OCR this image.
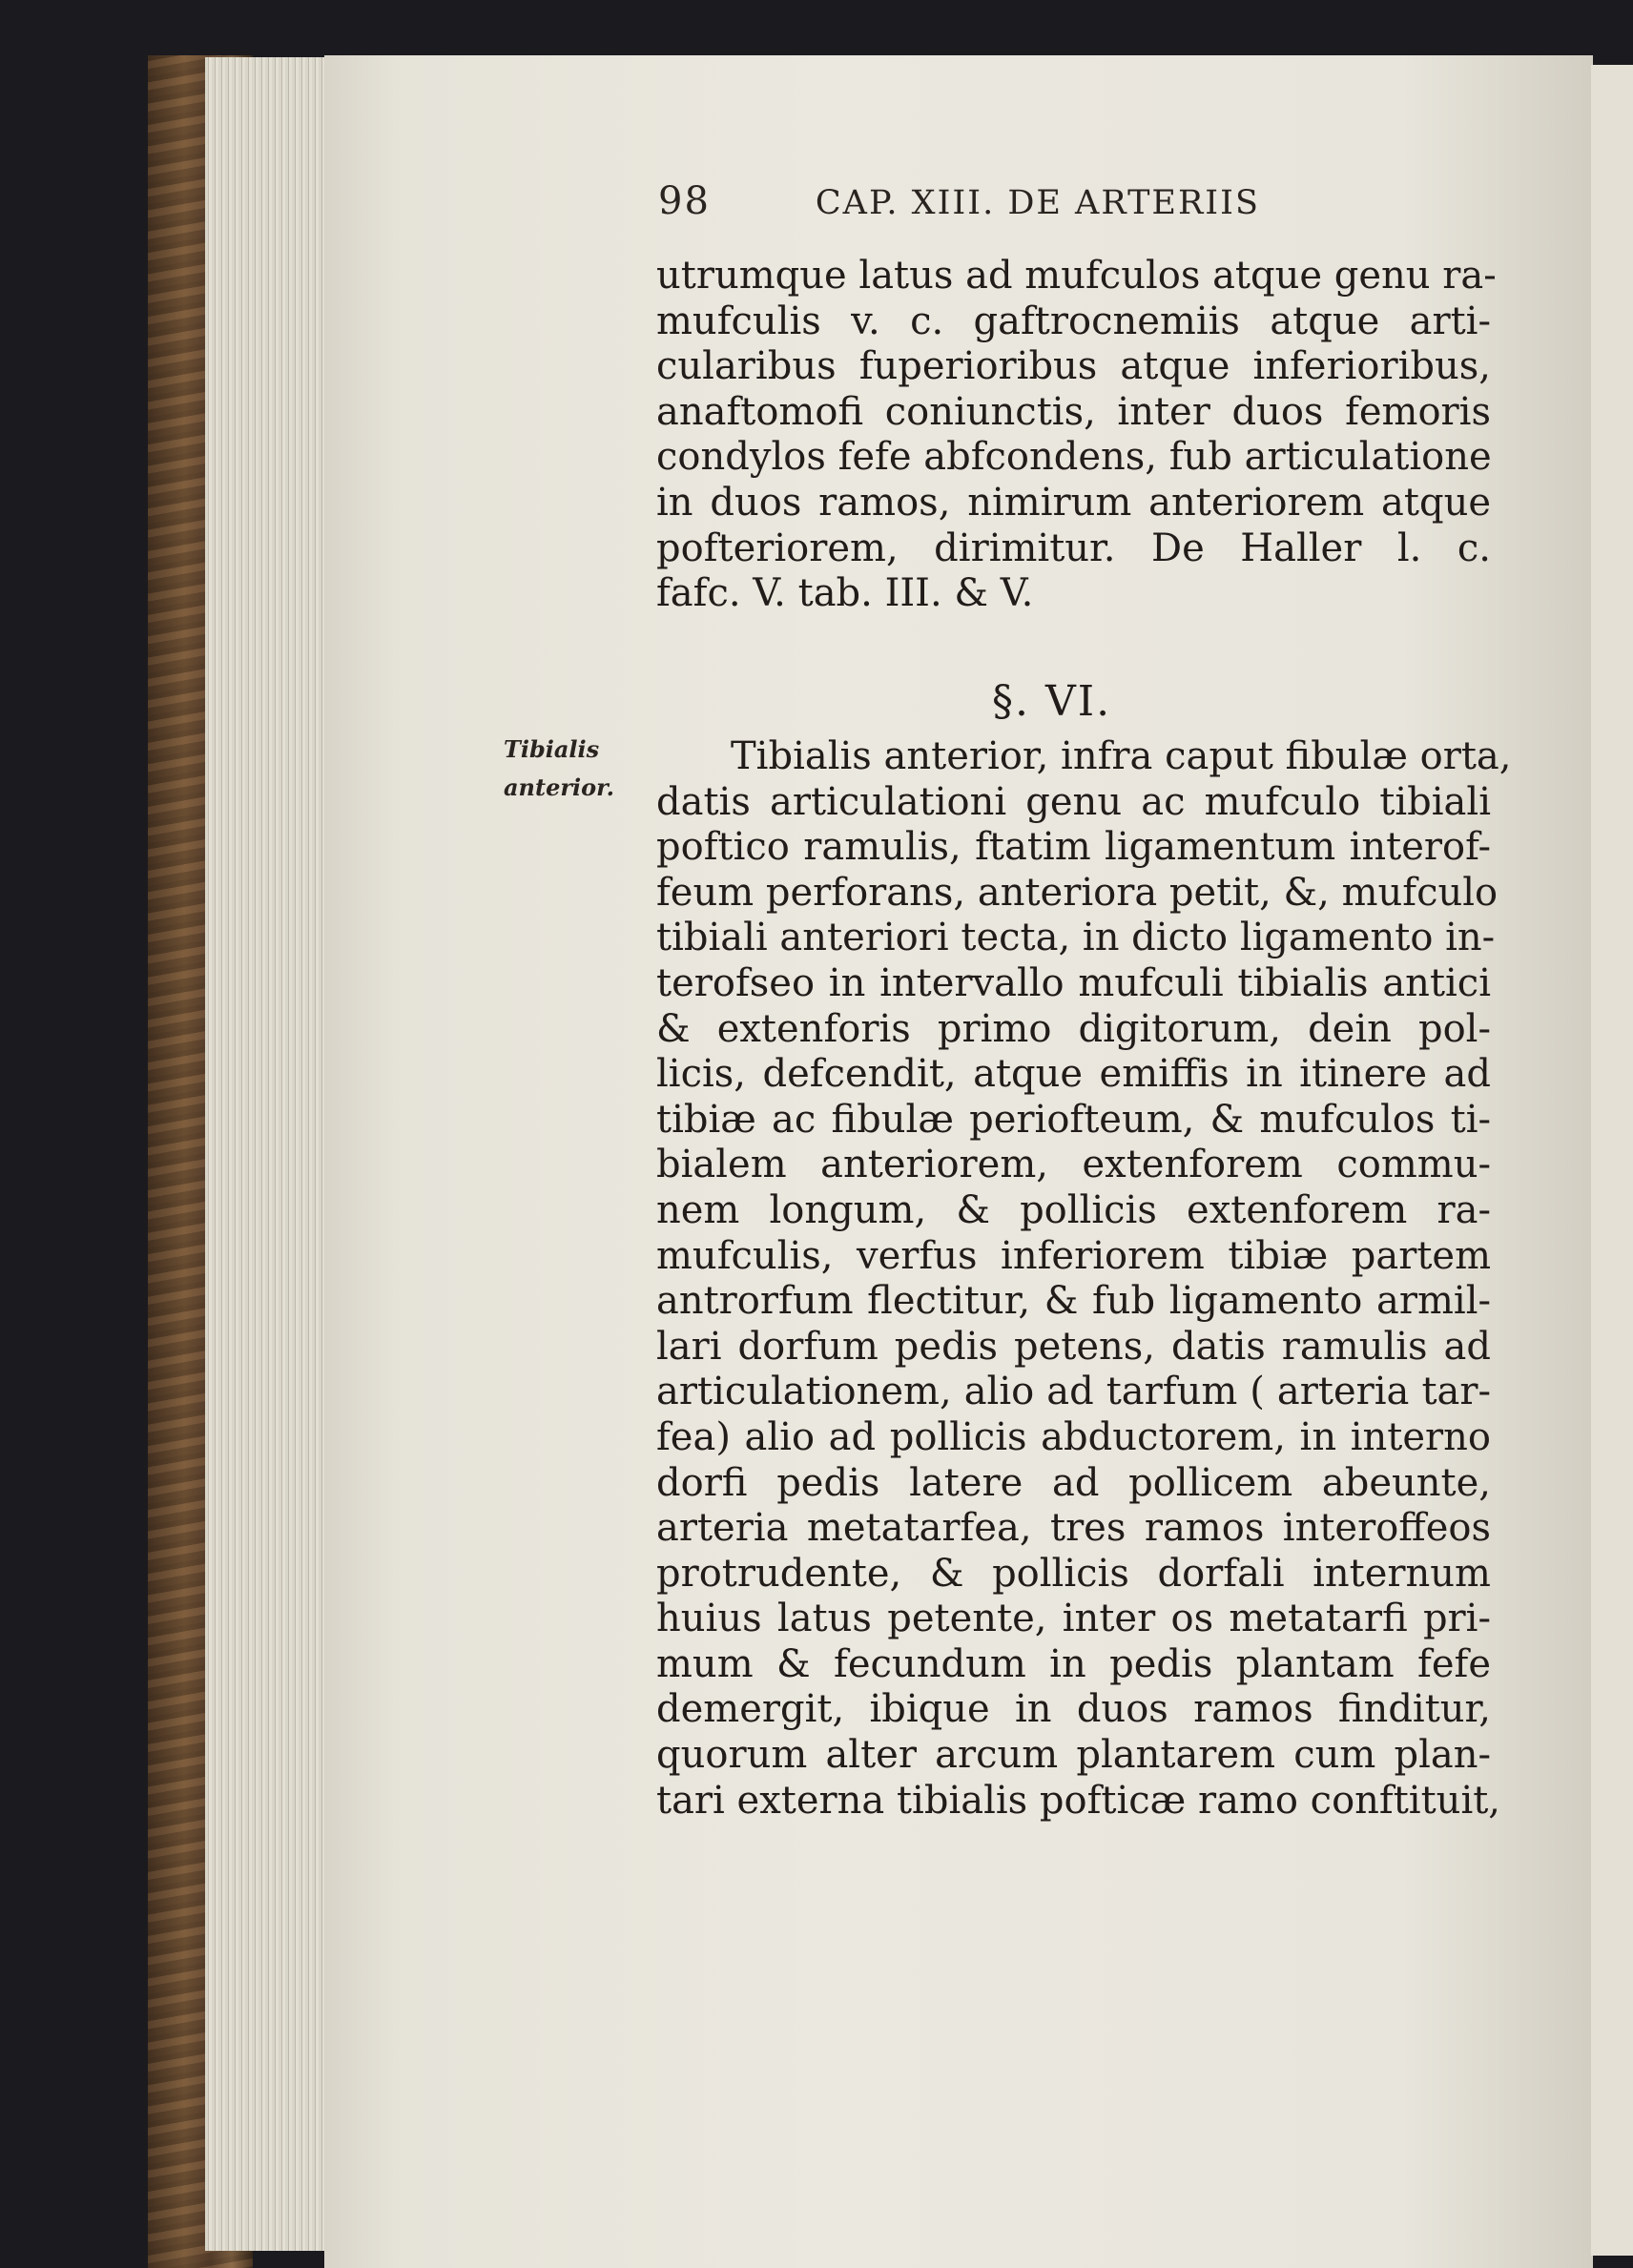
98	CAP. XIII. DE ARTERIIS
utrumque latus ad mufculos atque genu ra-
mufculis v. c. gaftrocnemiis atque arti-
cularibus fuperioribus atque inferioribus,
anaftomofi coniunctis, inter duos femoris
condylos fefe abfcondens, fub articulatione
in duos ramos, nimirum anteriorem atque
pofteriorem, dirimitur. De Haller l. c.
fafc. V. tab. III. & V.
§. VI.
Tibialis
anterior.
Tibialis anterior, infra caput fibulæ orta,
datis articulationi genu ac mufculo tibiali
poftico ramulis, ftatim ligamentum interof-
feum perforans, anteriora petit, &, mufculo
tibiali anteriori tecta, in dicto ligamento in-
terofseo in intervallo mufculi tibialis antici
& extenforis primo digitorum, dein pol-
licis, defcendit, atque emiffis in itinere ad
tibiæ ac fibulæ periofteum, & mufculos ti-
bialem anteriorem, extenforem commu-
nem longum, & pollicis extenforem ra-
mufculis, verfus inferiorem tibiæ partem
antrorfum flectitur, & fub ligamento armil-
lari dorfum pedis petens, datis ramulis ad
articulationem, alio ad tarfum ( arteria tar-
fea) alio ad pollicis abductorem, in interno
dorfi pedis latere ad pollicem abeunte,
arteria metatarfea, tres ramos interoffeos
protrudente, & pollicis dorfali internum
huius latus petente, inter os metatarfi pri-
mum & fecundum in pedis plantam fefe
demergit, ibique in duos ramos finditur,
quorum alter arcum plantarem cum plan-
tari externa tibialis pofticæ ramo conftituit,
